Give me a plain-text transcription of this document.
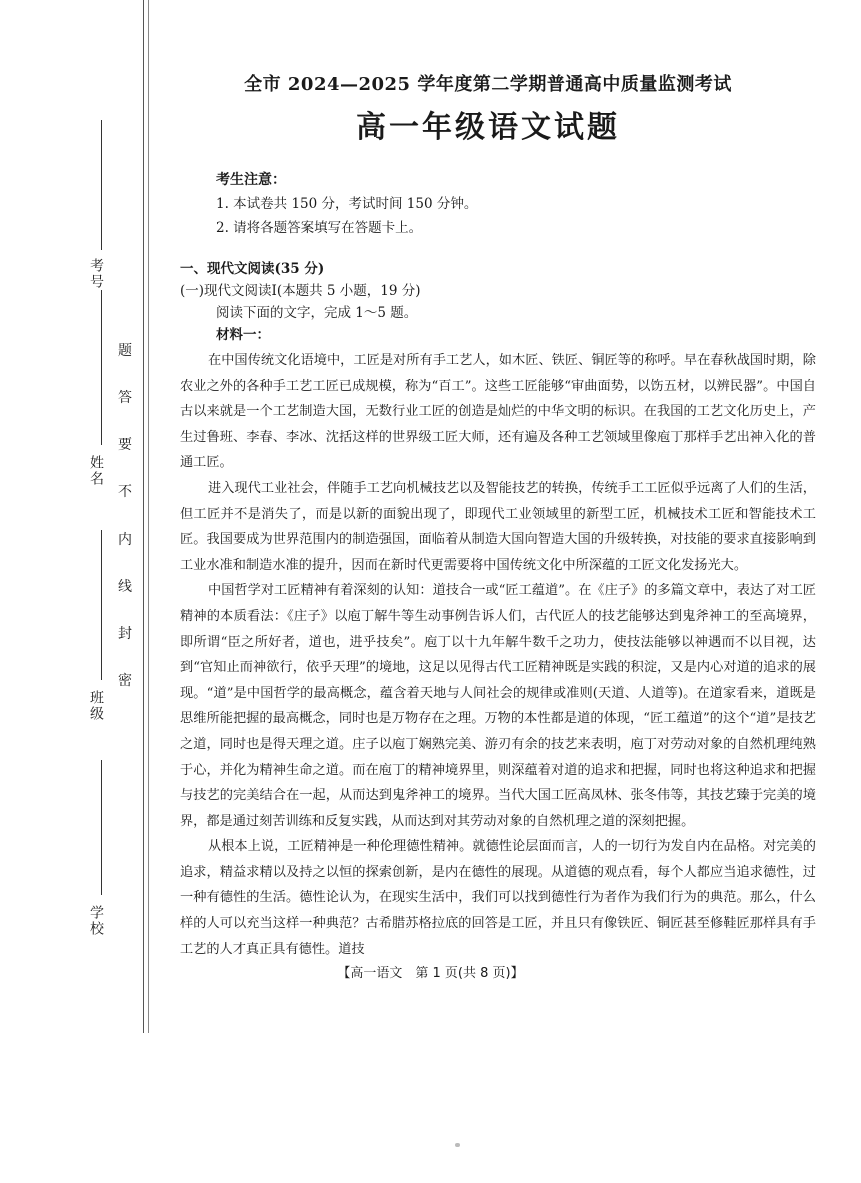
考号
姓名
班级
学校
题
答
要
不
内
线
封
密
全市 2024—2025 学年度第二学期普通高中质量监测考试
高一年级语文试题
考生注意：
1. 本试卷共 150 分，考试时间 150 分钟。
2. 请将各题答案填写在答题卡上。
一、现代文阅读(35 分)
(一)现代文阅读Ⅰ(本题共 5 小题，19 分)
阅读下面的文字，完成 1～5 题。
材料一：

在中国传统文化语境中，工匠是对所有手工艺人，如木匠、铁匠、铜匠等的称呼。早在春秋战国时期，除农业之外的各种手工艺工匠已成规模，称为“百工”。这些工匠能够“审曲面势，以饬五材，以辨民器”。中国自古以来就是一个工艺制造大国，无数行业工匠的创造是灿烂的中华文明的标识。在我国的工艺文化历史上，产生过鲁班、李春、李冰、沈括这样的世界级工匠大师，还有遍及各种工艺领域里像庖丁那样手艺出神入化的普通工匠。

进入现代工业社会，伴随手工艺向机械技艺以及智能技艺的转换，传统手工工匠似乎远离了人们的生活，但工匠并不是消失了，而是以新的面貌出现了，即现代工业领域里的新型工匠，机械技术工匠和智能技术工匠。我国要成为世界范围内的制造强国，面临着从制造大国向智造大国的升级转换，对技能的要求直接影响到工业水准和制造水准的提升，因而在新时代更需要将中国传统文化中所深蕴的工匠文化发扬光大。

中国哲学对工匠精神有着深刻的认知：道技合一或“匠工蕴道”。在《庄子》的多篇文章中，表达了对工匠精神的本质看法：《庄子》以庖丁解牛等生动事例告诉人们，古代匠人的技艺能够达到鬼斧神工的至高境界，即所谓“臣之所好者，道也，进乎技矣”。庖丁以十九年解牛数千之功力，使技法能够以神遇而不以目视，达到“官知止而神欲行，依乎天理”的境地，这足以见得古代工匠精神既是实践的积淀，又是内心对道的追求的展现。“道”是中国哲学的最高概念，蕴含着天地与人间社会的规律或准则(天道、人道等)。在道家看来，道既是思维所能把握的最高概念，同时也是万物存在之理。万物的本性都是道的体现，“匠工蕴道”的这个“道”是技艺之道，同时也是得天理之道。庄子以庖丁娴熟完美、游刃有余的技艺来表明，庖丁对劳动对象的自然机理纯熟于心，并化为精神生命之道。而在庖丁的精神境界里，则深蕴着对道的追求和把握，同时也将这种追求和把握与技艺的完美结合在一起，从而达到鬼斧神工的境界。当代大国工匠高凤林、张冬伟等，其技艺臻于完美的境界，都是通过刻苦训练和反复实践，从而达到对其劳动对象的自然机理之道的深刻把握。

从根本上说，工匠精神是一种伦理德性精神。就德性论层面而言，人的一切行为发自内在品格。对完美的追求，精益求精以及持之以恒的探索创新，是内在德性的展现。从道德的观点看，每个人都应当追求德性，过一种有德性的生活。德性论认为，在现实生活中，我们可以找到德性行为者作为我们行为的典范。那么，什么样的人可以充当这样一种典范？古希腊苏格拉底的回答是工匠，并且只有像铁匠、铜匠甚至修鞋匠那样具有手工艺的人才真正具有德性。道技

【高一语文　第 1 页(共 8 页)】
